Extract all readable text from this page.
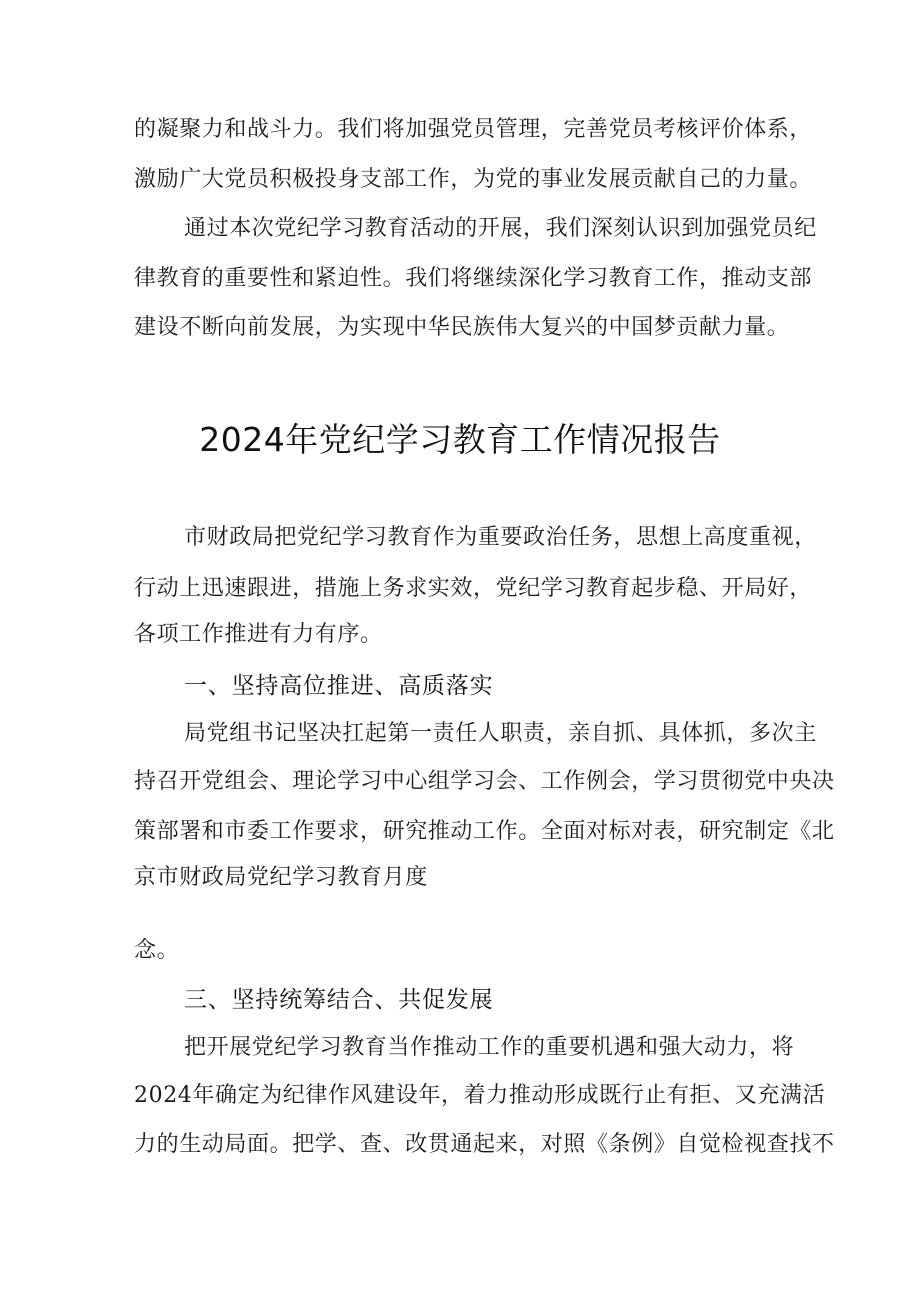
的凝聚力和战斗力。我们将加强党员管理，完善党员考核评价体系，
激励广大党员积极投身支部工作，为党的事业发展贡献自己的力量。
通过本次党纪学习教育活动的开展，我们深刻认识到加强党员纪
律教育的重要性和紧迫性。我们将继续深化学习教育工作，推动支部
建设不断向前发展，为实现中华民族伟大复兴的中国梦贡献力量。
2024年党纪学习教育工作情况报告
市财政局把党纪学习教育作为重要政治任务，思想上高度重视，
行动上迅速跟进，措施上务求实效，党纪学习教育起步稳、开局好，
各项工作推进有力有序。
一、坚持高位推进、高质落实
局党组书记坚决扛起第一责任人职责，亲自抓、具体抓，多次主
持召开党组会、理论学习中心组学习会、工作例会，学习贯彻党中央决
策部署和市委工作要求，研究推动工作。全面对标对表，研究制定《北
京市财政局党纪学习教育月度
念。
三、坚持统筹结合、共促发展
把开展党纪学习教育当作推动工作的重要机遇和强大动力，将
2024年确定为纪律作风建设年，着力推动形成既行止有拒、又充满活
力的生动局面。把学、查、改贯通起来，对照《条例》自觉检视查找不
